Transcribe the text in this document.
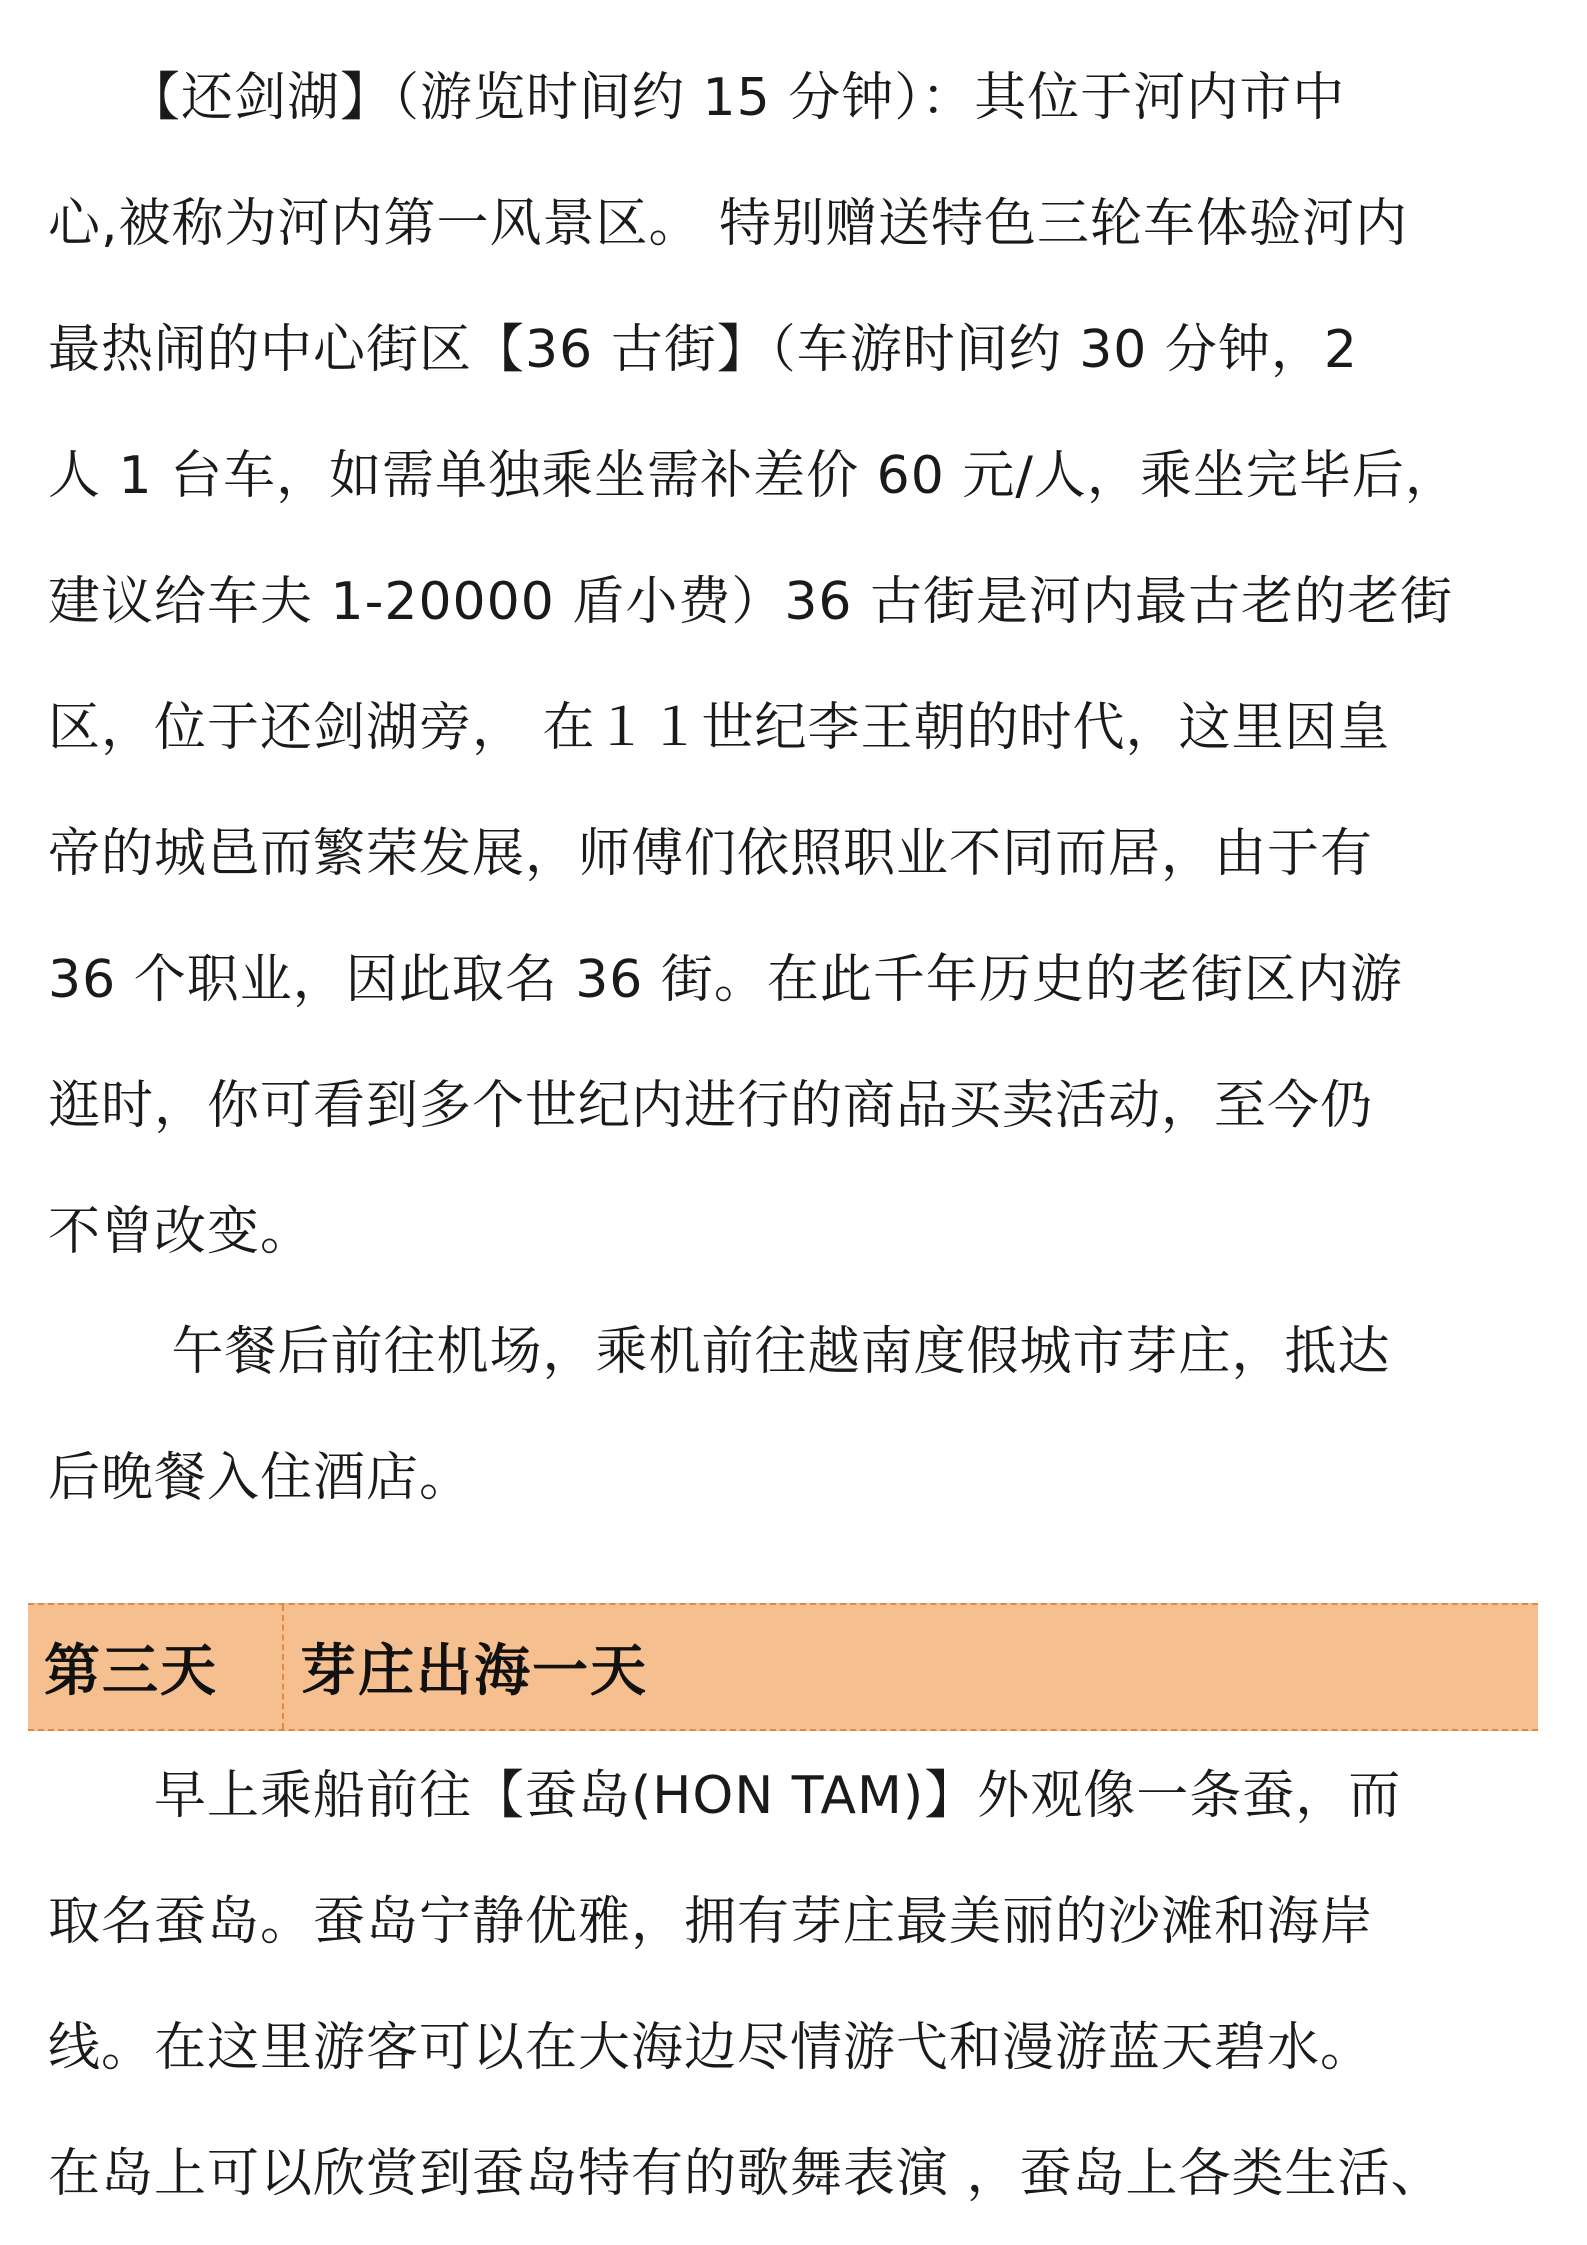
　　【还剑湖】（游览时间约 15 分钟）：其位于河内市中
心,被称为河内第一风景区。 特别赠送特色三轮车体验河内
最热闹的中心街区【36 古街】（车游时间约 30 分钟，2
人 1 台车，如需单独乘坐需补差价 60 元/人，乘坐完毕后，
建议给车夫 1-20000 盾小费）36 古街是河内最古老的老街
区，位于还剑湖旁， 在１１世纪李王朝的时代，这里因皇
帝的城邑而繁荣发展，师傅们依照职业不同而居，由于有
36 个职业，因此取名 36 街。在此千年历史的老街区内游
逛时，你可看到多个世纪内进行的商品买卖活动，至今仍
不曾改变。
　　 午餐后前往机场，乘机前往越南度假城市芽庄，抵达
后晚餐入住酒店。
第三天 芽庄出海一天
　　早上乘船前往【蚕岛(HON TAM)】外观像一条蚕，而
取名蚕岛。蚕岛宁静优雅，拥有芽庄最美丽的沙滩和海岸
线。在这里游客可以在大海边尽情游弋和漫游蓝天碧水。
在岛上可以欣赏到蚕岛特有的歌舞表演 ，蚕岛上各类生活、
